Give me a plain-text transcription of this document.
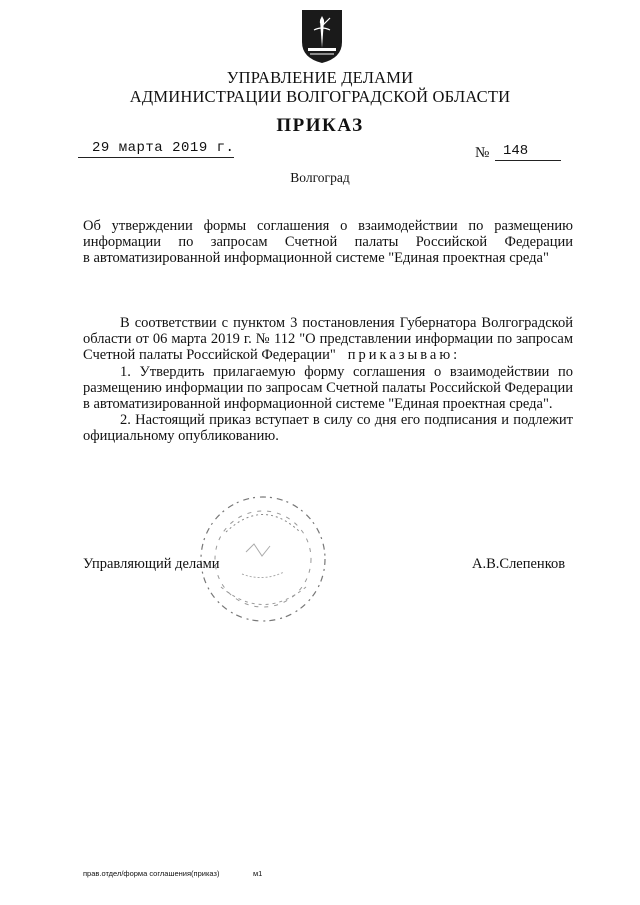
УПРАВЛЕНИЕ ДЕЛАМИ
АДМИНИСТРАЦИИ ВОЛГОГРАДСКОЙ ОБЛАСТИ
ПРИКАЗ
29 марта 2019 г.	№ 148
Волгоград
Об утверждении формы соглашения о взаимодействии по размещению информации по запросам Счетной палаты Российской Федерации
в автоматизированной информационной системе "Единая проектная среда"

В соответствии с пунктом 3 постановления Губернатора Волгоградской области от 06 марта 2019 г. № 112 "О представлении информации по запросам Счетной палаты Российской Федерации" приказываю:

1. Утвердить прилагаемую форму соглашения о взаимодействии по размещению информации по запросам Счетной палаты Российской Федерации в автоматизированной информационной системе "Единая проектная среда".

2. Настоящий приказ вступает в силу со дня его подписания и подлежит официальному опубликованию.

Управляющий делами	А.В.Слепенков
прав.отдел/форма соглашения(приказ)	м1
